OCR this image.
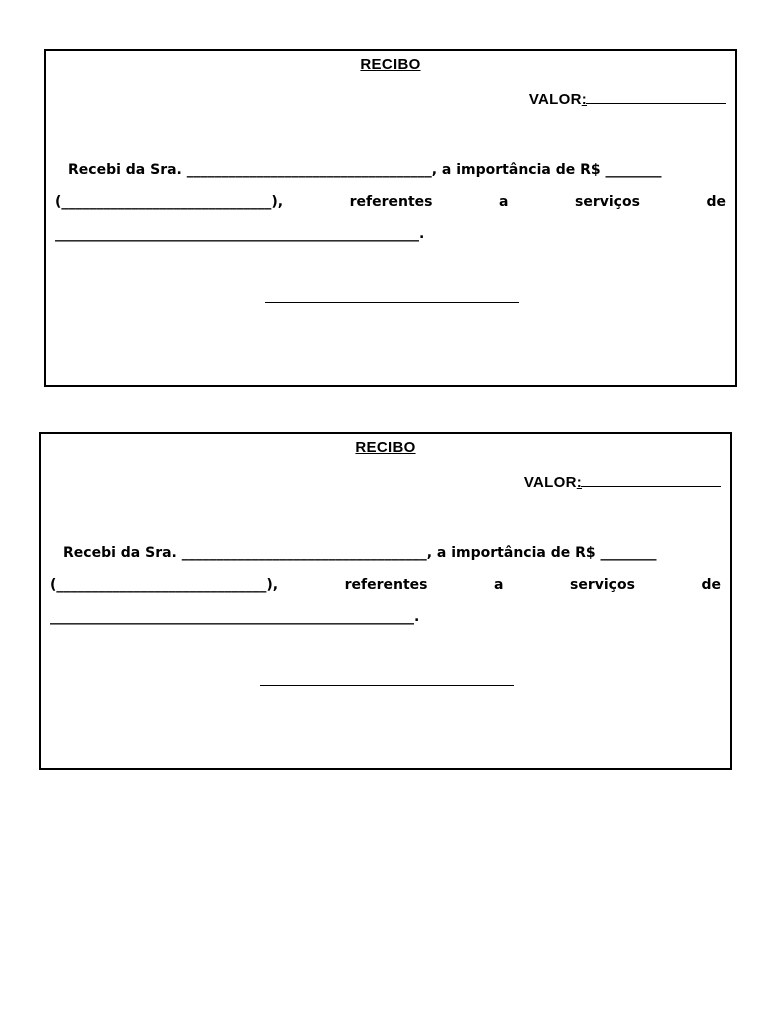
RECIBO
VALOR:
Recebi da Sra. ___________________________________, a importância de R$ ________
(______________________________),	referentes	a	serviços	de
____________________________________________________.
RECIBO
VALOR:
Recebi da Sra. ___________________________________, a importância de R$ ________
(______________________________),	referentes	a	serviços	de
____________________________________________________.
